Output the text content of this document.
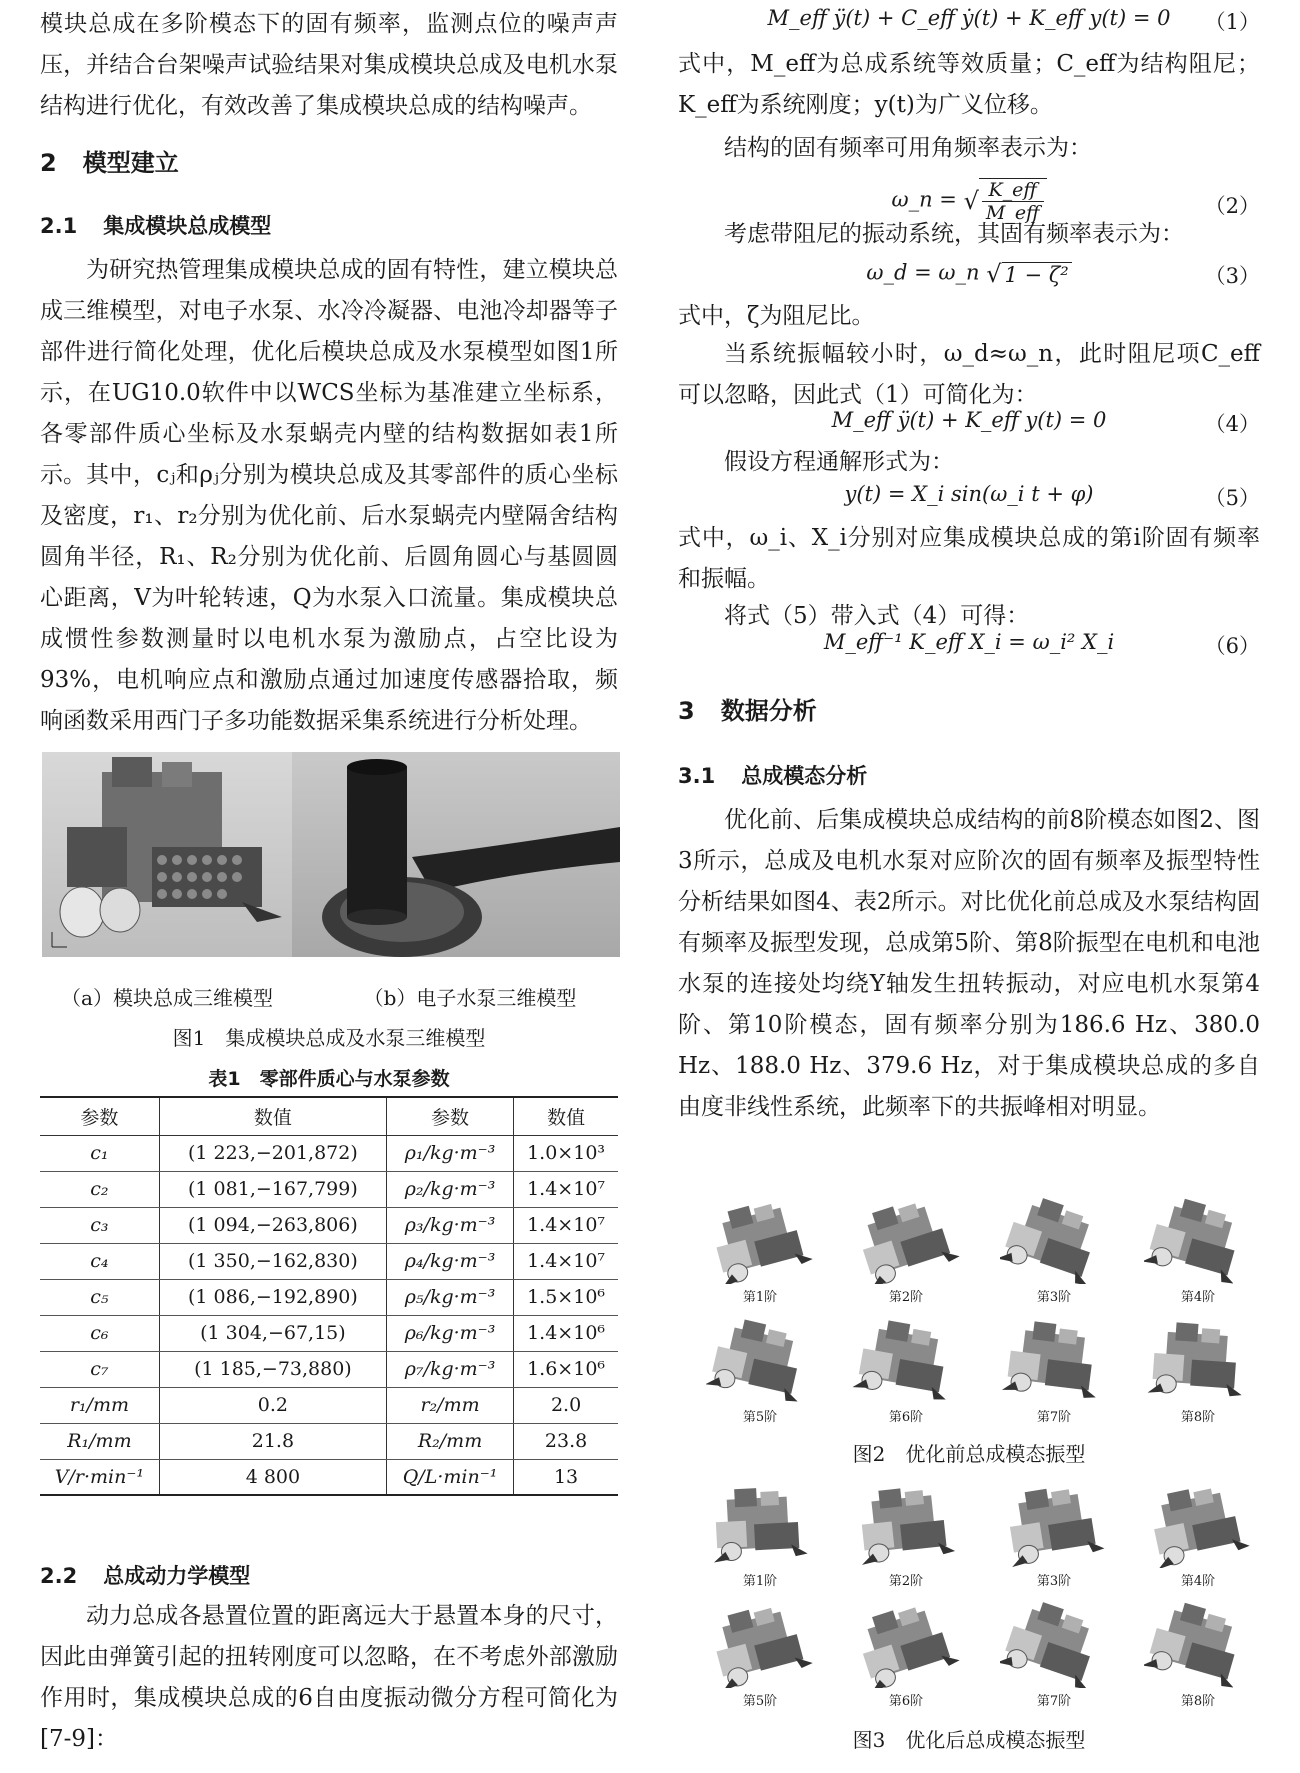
模块总成在多阶模态下的固有频率，监测点位的噪声声压，并结合台架噪声试验结果对集成模块总成及电机水泵结构进行优化，有效改善了集成模块总成的结构噪声。
2 模型建立
2.1 集成模块总成模型
为研究热管理集成模块总成的固有特性，建立模块总成三维模型，对电子水泵、水冷冷凝器、电池冷却器等子部件进行简化处理，优化后模块总成及水泵模型如图1所示，在UG10.0软件中以WCS坐标为基准建立坐标系，各零部件质心坐标及水泵蜗壳内壁的结构数据如表1所示。 其中，cⱼ和ρⱼ分别为模块总成及其零部件的质心坐标及密度，r₁、r₂分别为优化前、后水泵蜗壳内壁隔舍结构圆角半径，R₁、R₂分别为优化前、后圆角圆心与基圆圆心距离，V为叶轮转速，Q为水泵入口流量。集成模块总成惯性参数测量时以电机水泵为激励点，占空比设为93%，电机响应点和激励点通过加速度传感器拾取，频响函数采用西门子多功能数据采集系统进行分析处理。
（a）模块总成三维模型	（b）电子水泵三维模型
图1　集成模块总成及水泵三维模型
表1　零部件质心与水泵参数
参数	数值	参数	数值
c₁	(1 223,−201,872)	ρ₁/kg·m⁻³	1.0×10³
c₂	(1 081,−167,799)	ρ₂/kg·m⁻³	1.4×10⁷
c₃	(1 094,−263,806)	ρ₃/kg·m⁻³	1.4×10⁷
c₄	(1 350,−162,830)	ρ₄/kg·m⁻³	1.4×10⁷
c₅	(1 086,−192,890)	ρ₅/kg·m⁻³	1.5×10⁶
c₆	(1 304,−67,15)	ρ₆/kg·m⁻³	1.4×10⁶
c₇	(1 185,−73,880)	ρ₇/kg·m⁻³	1.6×10⁶
r₁/mm	0.2	r₂/mm	2.0
R₁/mm	21.8	R₂/mm	23.8
V/r·min⁻¹	4 800	Q/L·min⁻¹	13
2.2 总成动力学模型
动力总成各悬置位置的距离远大于悬置本身的尺寸，因此由弹簧引起的扭转刚度可以忽略，在不考虑外部激励作用时，集成模块总成的6自由度振动微分方程可简化为[7-9]：
M_eff ÿ(t) + C_eff ẏ(t) + K_eff y(t) = 0	（1）
式中，M_eff为总成系统等效质量；C_eff为结构阻尼；K_eff为系统刚度；y(t)为广义位移。
结构的固有频率可用角频率表示为：
ω_n = √ $\frac{\text{K\_eff}}{\text{M\_eff}}$	（2）
考虑带阻尼的振动系统，其固有频率表示为：
ω_d = ω_n √ 1 − ζ²	（3）
式中，ζ为阻尼比。
当系统振幅较小时，ω_d≈ω_n，此时阻尼项C_eff可以忽略，因此式（1）可简化为：
M_eff ÿ(t) + K_eff y(t) = 0	（4）
假设方程通解形式为：
y(t) = X_i sin(ω_i t + φ)	（5）
式中，ω_i、X_i分别对应集成模块总成的第i阶固有频率和振幅。
将式（5）带入式（4）可得：
M_eff⁻¹ K_eff X_i = ω_i² X_i	（6）
3 数据分析
3.1 总成模态分析
优化前、后集成模块总成结构的前8阶模态如图2、图3所示，总成及电机水泵对应阶次的固有频率及振型特性分析结果如图4、表2所示。对比优化前总成及水泵结构固有频率及振型发现，总成第5阶、第8阶振型在电机和电池水泵的连接处均绕Y轴发生扭转振动，对应电机水泵第4阶、第10阶模态，固有频率分别为186.6 Hz、380.0 Hz、188.0 Hz、379.6 Hz，对于集成模块总成的多自由度非线性系统，此频率下的共振峰相对明显。
第1阶	第2阶	第3阶	第4阶
第5阶	第6阶	第7阶	第8阶
图2　优化前总成模态振型
第1阶	第2阶	第3阶	第4阶
第5阶	第6阶	第7阶	第8阶
图3　优化后总成模态振型
